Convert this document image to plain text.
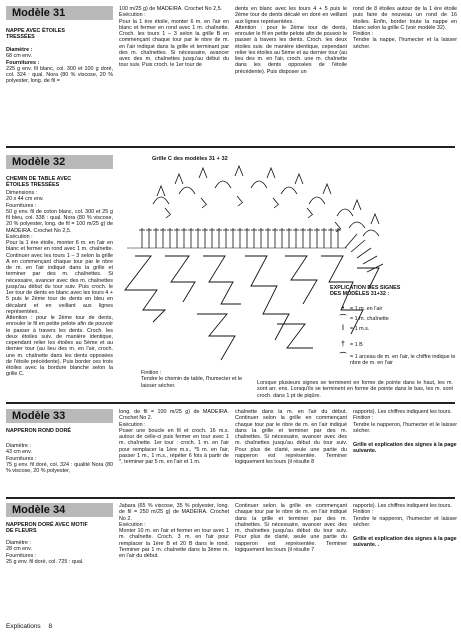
Modèle 31
NAPPE AVEC ÉTOILES
TRESSÉES
Diamètre :
68 cm env.
Fournitures :
225 g env. fil blanc, col. 300 et 100 g doré, col. 324 : qual. Nora (80 % viscose, 20 % polyester, long. de fil =
100 m/25 g) de MADEIRA. Crochet No 2,5.
Exécution :
Pour la 1 ère étoile, monter 6 m. en l'air en blanc et fermer en rond avec 1 m. chaînette. Croch. les tours 1 – 3 selon la grille B en commençant chaque tour par le nbre de m. en l'air indiqué dans la grille et terminant par des m. chaînettes. Si nécessaire, avancer avec des m. chaînettes jusqu'au début du tour suiv. Puis croch. le 1er tour de
dents en blanc avec les tours 4 + 5 puis le 2ème tour de dents décalé en doré en veillant aux lignes représentées.
Attention : pour le 2ème tour de dents, enrouler le fil en petite pelote afin de pouvoir le passer à travers les dents. Croch. les deux étoiles suiv. de manière identique, cependant relier les étoiles au 5ème et au dernier tour (au lieu des m. en l'air, croch. une m. chaînette dans les dents opposées de l'étoile précédente). Puis disposer un
rond de 8 étoiles autour de la 1 ère étoile puis faire de nouveau un rond de 16 étoiles. Enfin, border toute la nappe en blanc selon la grille C (voir modèle 32).
Finition :
Tendre la nappe, l'humecter et la laisser sécher.
Modèle 32
CHEMIN DE TABLE AVEC
ÉTOILES TRESSÉES
Dimensions :
20 x 44 cm env.
Fournitures :
50 g env. fil de coton blanc, col. 300 et 25 g fil bleu, col. 338 : qual. Nora (80 % viscose, 20 % polyester, long. de fil = 100 m/25 g) de MADEIRA. Crochet No 2,5.
Exécution :
Pour la 1 ère étoile, monter 6 m. en l'air en blanc et fermer en rond avec 1 m. chaînette. Continuer avec les tours 1 – 3 selon la grille A en commençant chaque tour par le nbre de m. en l'air indiqué dans la grille et terminer par des m. chaînettes. Si nécessaire, avancer avec des m. chaînettes jusqu'au début du tour suiv. Puis croch. le 1er tour de dents en blanc avec les tours 4 + 5 puis le 2ème tour de dents en bleu en décalant et en veillant aux lignes représentées.
Attention : pour le 2ème tour de dents, enrouler le fil en petite pelote afin de pouvoir le passer à travers les dents. Croch. les deux étoiles suiv. de manière identique, cependant relier les étoiles au 5ème et au dernier tour (au lieu des m. en l'air, croch. une m. chaînette dans les dents opposées de l'étoile précédente). Puis border ces trois étoiles avec la bordure blanche selon la grille C.
Grille C des modèles 31 + 32
EXPLICATION DES SIGNES
DES MODÈLES 31+32 :
•	= 1 m. en l'air
⌒ = 1 m. chaînette
ǀ	= 1 m.s.
† = 1 B
⌒ = 1 arceau de m. en l'air, le chiffre indique le nbre de m. en l'air
Finition :
Tendre le chemin de table, l'humecter et le laisser sécher.	Lorsque plusieurs signes se terminent en forme de pointe dans le haut, les m. sont arr. ens. Lorsqu'ils se terminent en forme de pointe dans le bas, les m. sont croch. dans 1 pt de piqûre.
Modèle 33
NAPPERON ROND DORÉ
Diamètre :
43 cm env.
Fournitures :
75 g env. fil doré, col. 324 : qualité Nora (80 % viscose, 20 % polyester,
long. de fil = 100 m/25 g) de MADEIRA. Crochet No 2.
Exécution :
Poser une boucle en fil et croch. 16 m.s. autour de celle-ci puis fermer en tour avec 1 m. chaînette. 1er tour : croch. 1 m. en l'air pour remplacer la 1ère m.s., *5 m. en l'air, passer 1 m., 1 m.s., répéter 6 fois à partir de *, terminer par 5 m. en l'air et 1 m.
chaînette dans la m. en l'air du début. Continuer selon la grille en commençant chaque tour par le nbre de m. en l'air indiqué dans la grille et terminer par des m. chaînettes. Si nécessaire, avancer avec des m. chaînettes jusqu'au début du tour suiv. Pour plus de clarté, seule une partie du napperon est représentée. Terminer logiquement les tours (il résulte 8
rapports). Les chiffres indiquent les tours.
Finition :
Tendre le napperon, l'humecter et le laisser sécher.
Grille et explication des signes à la page suivante.
Modèle 34
NAPPERON DORÉ AVEC MOTIF
DE FLEURS
Diamètre :
28 cm env.
Fournitures :
25 g env. fil doré, col. 725 : qual.
Jabara (65 % viscose, 35 % polyester, long. de fil = 250 m/25 g) de MADEIRA. Crochet No 2.
Exécution :
Monter 10 m. en l'air et fermer en tour avec 1 m. chaînette. Croch. 3 m. en l'air pour remplacer la 1ère B et 20 B dans le rond. Terminer par 1 m. chaînette dans la 3ème m. en l'air du début.
Continuer selon la grille en commençant chaque tour par le nbre de m. en l'air indiqué dans la grille et terminer par des m. chaînettes. Si nécessaire, avancer avec des m. chaînettes jusqu'au début du tour suiv. Pour plus de clarté, seule une partie du napperon est représentée. Terminer logiquement les tours (il résulte 7
rapports). Les chiffres indiquent les tours.
Finition :
Tendre le napperon, l'humecter et laisser sécher.
Grille et explication des signes à la page suivante. .
Explications 8
